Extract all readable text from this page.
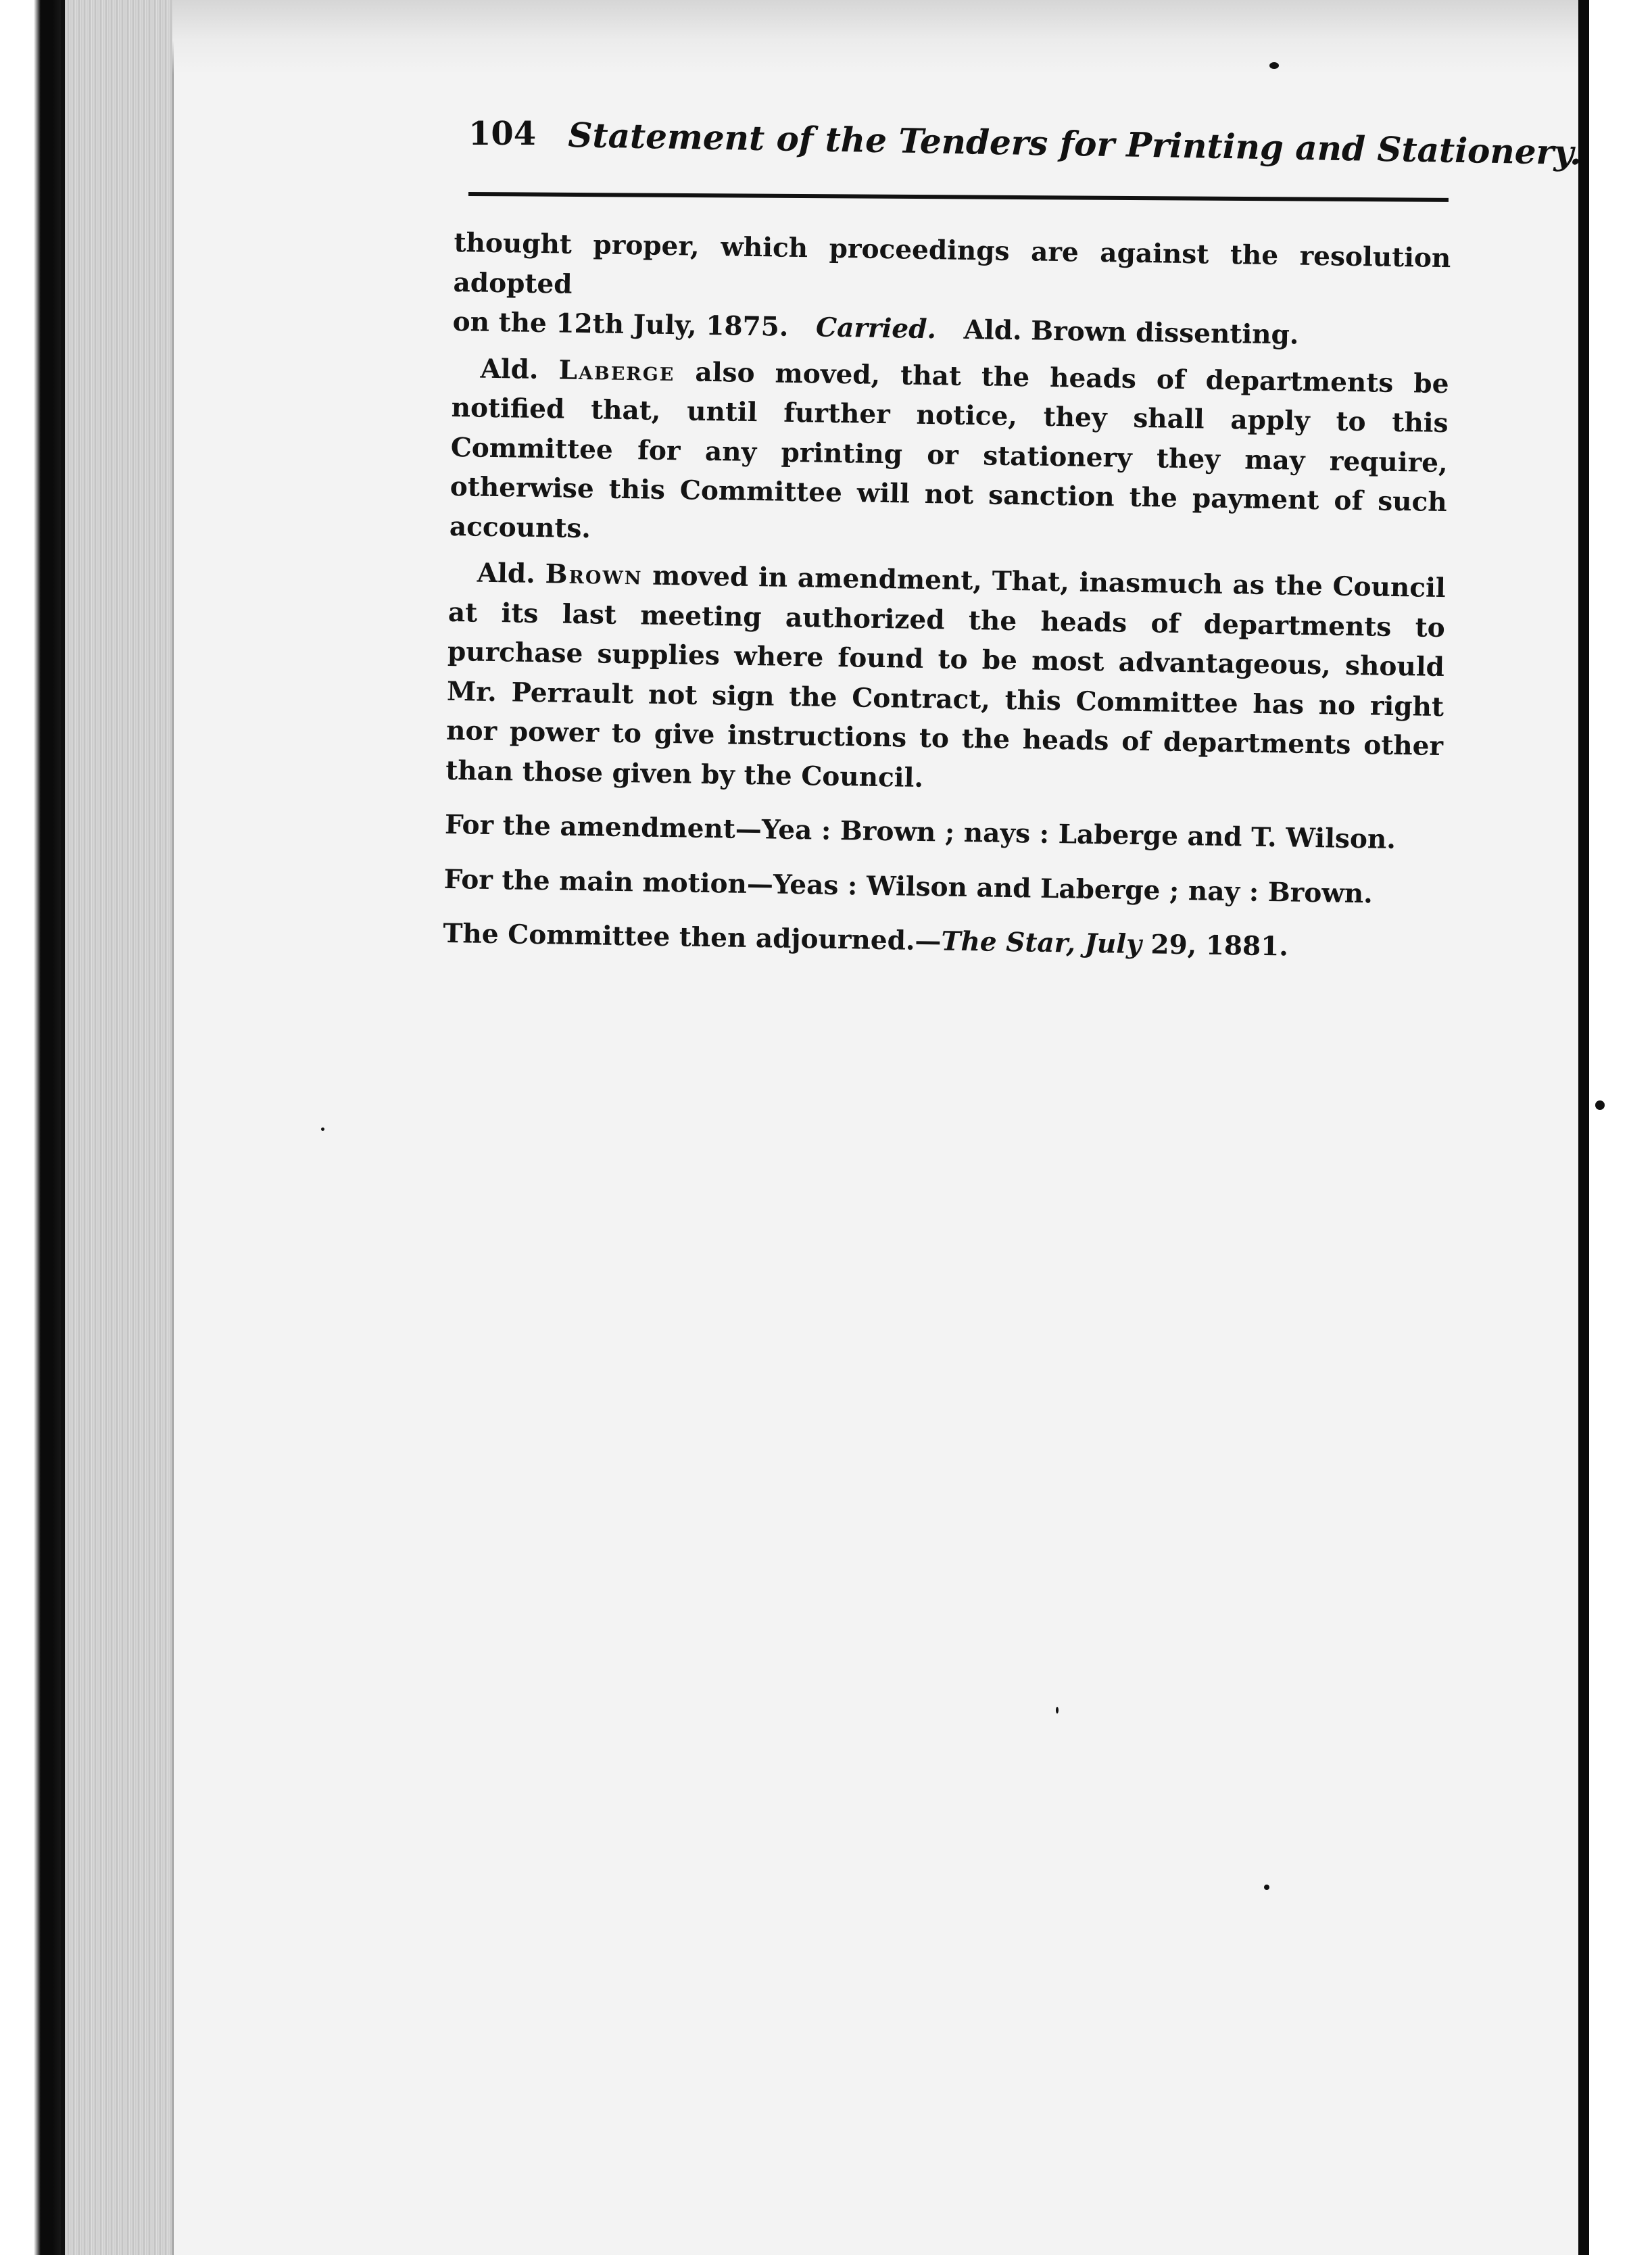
104 Statement of the Tenders for Printing and Stationery.

thought proper, which proceedings are against the resolution adopted

on the 12th July, 1875. Carried. Ald. Brown dissenting.

Ald. Laberge also moved, that the heads of departments be notified that, until further notice, they shall apply to this Committee for any printing or stationery they may require, otherwise this Committee will not sanction the payment of such accounts.

Ald. Brown moved in amendment, That, inasmuch as the Council at its last meeting authorized the heads of departments to purchase supplies where found to be most advantageous, should Mr. Perrault not sign the Contract, this Committee has no right nor power to give instructions to the heads of departments other than those given by the Council.

For the amendment—Yea : Brown ; nays : Laberge and T. Wilson.

For the main motion—Yeas : Wilson and Laberge ; nay : Brown.

The Committee then adjourned.—The Star, July 29, 1881.
